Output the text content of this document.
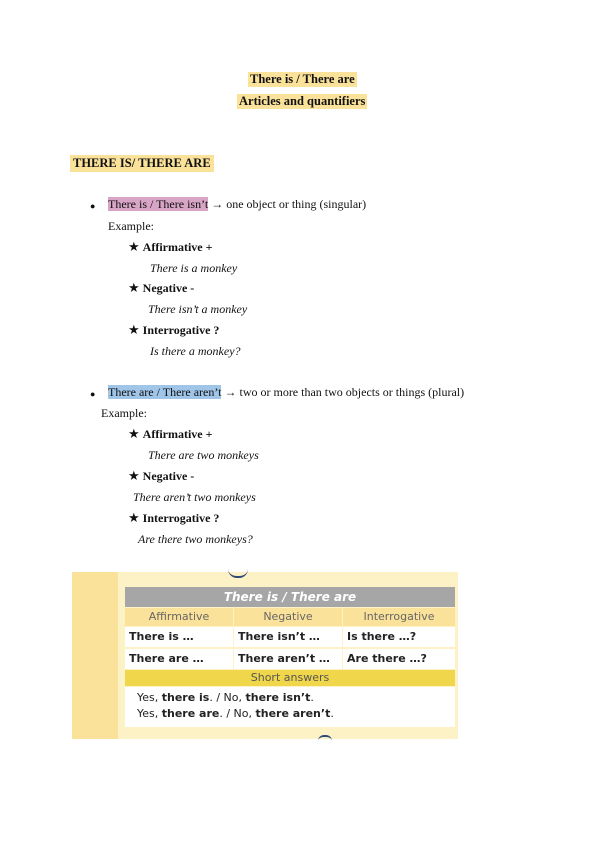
There is / There are
Articles and quantifiers
THERE IS/ THERE ARE
● There is / There isn’t → one object or thing (singular)
Example:
★ Affirmative +
There is a monkey
★ Negative -
There isn’t a monkey
★ Interrogative ?
Is there a monkey?
● There are / There aren’t → two or more than two objects or things (plural)
Example:
★ Affirmative +
There are two monkeys
★ Negative -
There aren’t two monkeys
★ Interrogative ?
Are there two monkeys?
There is / There are
Affirmative	Negative	Interrogative
There is …	There isn’t …	Is there …?
There are …	There aren’t …	Are there …?
Short answers
Yes, there is. / No, there isn’t.
Yes, there are. / No, there aren’t.
